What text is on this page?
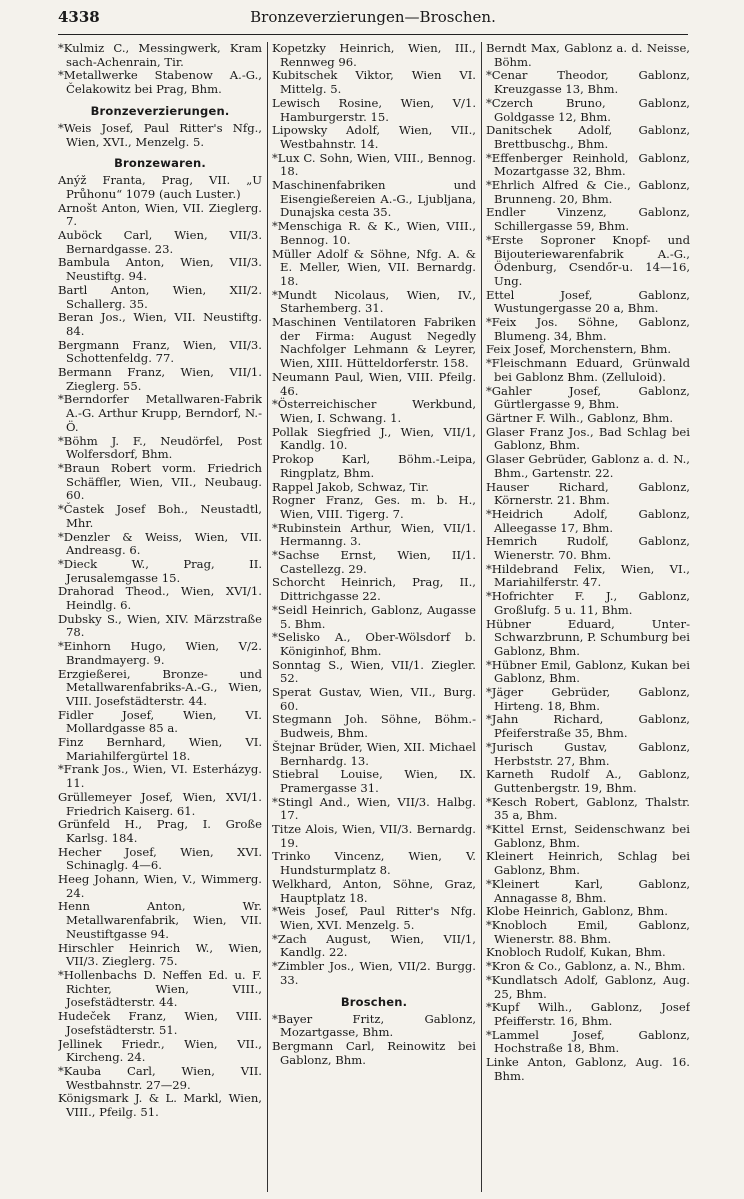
4338	Bronzeverzierungen—Broschen.

*Kulmiz C., Messingwerk, Kram sach-Achenrain, Tir.

*Metallwerke Stabenow A.-G., Čelakowitz bei Prag, Bhm.

Bronzeverzierungen.

*Weis Josef, Paul Ritter's Nfg., Wien, XVI., Menzelg. 5.

Bronzewaren.

Anýž Franta, Prag, VII. „U Průhonu“ 1079 (auch Luster.)

Arnošt Anton, Wien, VII. Zieglerg. 7.

Auböck Carl, Wien, VII/3. Bernardgasse. 23.

Bambula Anton, Wien, VII/3. Neustiftg. 94.

Bartl Anton, Wien, XII/2. Schallerg. 35.

Beran Jos., Wien, VII. Neustiftg. 84.

Bergmann Franz, Wien, VII/3. Schottenfeldg. 77.

Bermann Franz, Wien, VII/1. Zieglerg. 55.

*Berndorfer Metallwaren-Fabrik A.-G. Arthur Krupp, Berndorf, N.-Ö.

*Böhm J. F., Neudörfel, Post Wolfersdorf, Bhm.

*Braun Robert vorm. Friedrich Schäffler, Wien, VII., Neubaug. 60.

*Častek Josef Boh., Neustadtl, Mhr.

*Denzler & Weiss, Wien, VII. Andreasg. 6.

*Dieck W., Prag, II. Jerusalemgasse 15.

Drahorad Theod., Wien, XVI/1. Heindlg. 6.

Dubsky S., Wien, XIV. Märzstraße 78.

*Einhorn Hugo, Wien, V/2. Brandmayerg. 9.

Erzgießerei, Bronze- und Metallwarenfabriks-A.-G., Wien, VIII. Josefstädterstr. 44.

Fidler Josef, Wien, VI. Mollardgasse 85 a.

Finz Bernhard, Wien, VI. Mariahilfergürtel 18.

*Frank Jos., Wien, VI. Esterházyg. 11.

Grüllemeyer Josef, Wien, XVI/1. Friedrich Kaiserg. 61.

Grünfeld H., Prag, I. Große Karlsg. 184.

Hecher Josef, Wien, XVI. Schinaglg. 4—6.

Heeg Johann, Wien, V., Wimmerg. 24.

Henn Anton, Wr. Metallwarenfabrik, Wien, VII. Neustiftgasse 94.

Hirschler Heinrich W., Wien, VII/3. Zieglerg. 75.

*Hollenbachs D. Neffen Ed. u. F. Richter, Wien, VIII., Josefstädterstr. 44.

Hudeček Franz, Wien, VIII. Josefstädterstr. 51.

Jellinek Friedr., Wien, VII., Kircheng. 24.

*Kauba Carl, Wien, VII. Westbahnstr. 27—29.

Königsmark J. & L. Markl, Wien, VIII., Pfeilg. 51.

Kopetzky Heinrich, Wien, III., Rennweg 96.

Kubitschek Viktor, Wien VI. Mittelg. 5.

Lewisch Rosine, Wien, V/1. Hamburgerstr. 15.

Lipowsky Adolf, Wien, VII., Westbahnstr. 14.

*Lux C. Sohn, Wien, VIII., Bennog. 18.

Maschinenfabriken und Eisengießereien A.-G., Ljubljana, Dunajska cesta 35.

*Menschiga R. & K., Wien, VIII., Bennog. 10.

Müller Adolf & Söhne, Nfg. A. & E. Meller, Wien, VII. Bernardg. 18.

*Mundt Nicolaus, Wien, IV., Starhemberg. 31.

Maschinen Ventilatoren Fabriken der Firma: August Negedly Nachfolger Lehmann & Leyrer, Wien, XIII. Hütteldorferstr. 158.

Neumann Paul, Wien, VIII. Pfeilg. 46.

*Österreichischer Werkbund, Wien, I. Schwang. 1.

Pollak Siegfried J., Wien, VII/1, Kandlg. 10.

Prokop Karl, Böhm.-Leipa, Ringplatz, Bhm.

Rappel Jakob, Schwaz, Tir.

Rogner Franz, Ges. m. b. H., Wien, VIII. Tigerg. 7.

*Rubinstein Arthur, Wien, VII/1. Hermanng. 3.

*Sachse Ernst, Wien, II/1. Castellezg. 29.

Schorcht Heinrich, Prag, II., Dittrichgasse 22.

*Seidl Heinrich, Gablonz, Augasse 5. Bhm.

*Selisko A., Ober-Wölsdorf b. Königinhof, Bhm.

Sonntag S., Wien, VII/1. Ziegler. 52.

Sperat Gustav, Wien, VII., Burg. 60.

Stegmann Joh. Söhne, Böhm.-Budweis, Bhm.

Štejnar Brüder, Wien, XII. Michael Bernhardg. 13.

Stiebral Louise, Wien, IX. Pramergasse 31.

*Stingl And., Wien, VII/3. Halbg. 17.

Titze Alois, Wien, VII/3. Bernardg. 19.

Trinko Vincenz, Wien, V. Hundsturmplatz 8.

Welkhard, Anton, Söhne, Graz, Hauptplatz 18.

*Weis Josef, Paul Ritter's Nfg. Wien, XVI. Menzelg. 5.

*Zach August, Wien, VII/1, Kandlg. 22.

*Zimbler Jos., Wien, VII/2. Burgg. 33.

Broschen.

*Bayer Fritz, Gablonz, Mozartgasse, Bhm.

Bergmann Carl, Reinowitz bei Gablonz, Bhm.

Berndt Max, Gablonz a. d. Neisse, Böhm.

*Cenar Theodor, Gablonz, Kreuzgasse 13, Bhm.

*Czerch Bruno, Gablonz, Goldgasse 12, Bhm.

Danitschek Adolf, Gablonz, Brettbuschg., Bhm.

*Effenberger Reinhold, Gablonz, Mozartgasse 32, Bhm.

*Ehrlich Alfred & Cie., Gablonz, Brunneng. 20, Bhm.

Endler Vinzenz, Gablonz, Schillergasse 59, Bhm.

*Erste Soproner Knopf- und Bijouteriewarenfabrik A.-G., Ödenburg, Csendőr-u. 14—16, Ung.

Ettel Josef, Gablonz, Wustungergasse 20 a, Bhm.

*Feix Jos. Söhne, Gablonz, Blumeng. 34, Bhm.

Feix Josef, Morchenstern, Bhm.

*Fleischmann Eduard, Grünwald bei Gablonz Bhm. (Zelluloid).

*Gahler Josef, Gablonz, Gürtlergasse 9, Bhm.

Gärtner F. Wilh., Gablonz, Bhm.

Glaser Franz Jos., Bad Schlag bei Gablonz, Bhm.

Glaser Gebrüder, Gablonz a. d. N., Bhm., Gartenstr. 22.

Hauser Richard, Gablonz, Körnerstr. 21. Bhm.

*Heidrich Adolf, Gablonz, Alleegasse 17, Bhm.

Hemrich Rudolf, Gablonz, Wienerstr. 70. Bhm.

*Hildebrand Felix, Wien, VI., Mariahilferstr. 47.

*Hofrichter F. J., Gablonz, Großlufg. 5 u. 11, Bhm.

Hübner Eduard, Unter-Schwarzbrunn, P. Schumburg bei Gablonz, Bhm.

*Hübner Emil, Gablonz, Kukan bei Gablonz, Bhm.

*Jäger Gebrüder, Gablonz, Hirteng. 18, Bhm.

*Jahn Richard, Gablonz, Pfeiferstraße 35, Bhm.

*Jurisch Gustav, Gablonz, Herbststr. 27, Bhm.

Karneth Rudolf A., Gablonz, Guttenbergstr. 19, Bhm.

*Kesch Robert, Gablonz, Thalstr. 35 a, Bhm.

*Kittel Ernst, Seidenschwanz bei Gablonz, Bhm.

Kleinert Heinrich, Schlag bei Gablonz, Bhm.

*Kleinert Karl, Gablonz, Annagasse 8, Bhm.

Klobe Heinrich, Gablonz, Bhm.

*Knobloch Emil, Gablonz, Wienerstr. 88. Bhm.

Knobloch Rudolf, Kukan, Bhm.

*Kron & Co., Gablonz, a. N., Bhm.

*Kundlatsch Adolf, Gablonz, Aug. 25, Bhm.

*Kupf Wilh., Gablonz, Josef Pfeifferstr. 16, Bhm.

*Lammel Josef, Gablonz, Hochstraße 18, Bhm.

Linke Anton, Gablonz, Aug. 16. Bhm.
